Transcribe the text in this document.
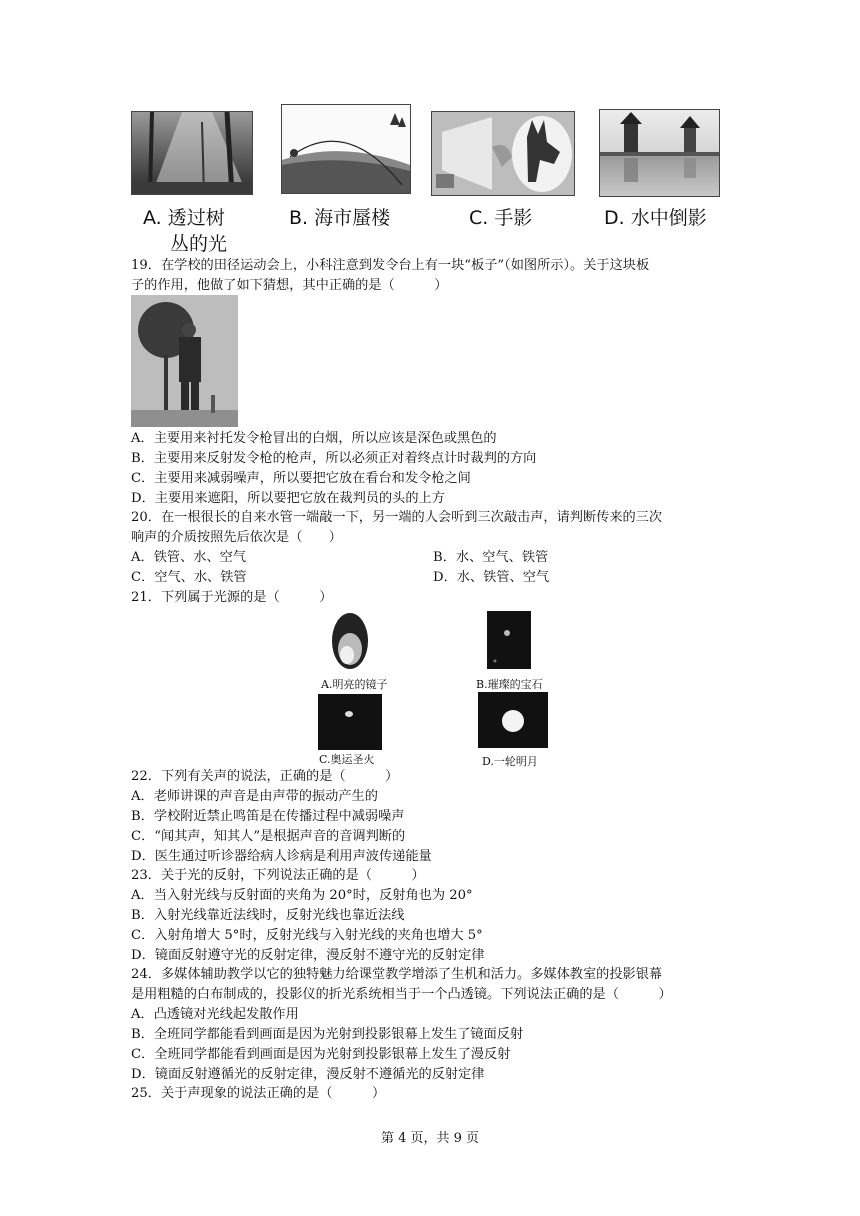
A. 透过树
丛的光
B. 海市蜃楼	C. 手影	D. 水中倒影
19．在学校的田径运动会上，小科注意到发令台上有一块“板子”（如图所示）。关于这块板
子的作用，他做了如下猜想，其中正确的是（　　　）
A．主要用来衬托发令枪冒出的白烟，所以应该是深色或黑色的
B．主要用来反射发令枪的枪声，所以必须正对着终点计时裁判的方向
C．主要用来减弱噪声，所以要把它放在看台和发令枪之间
D．主要用来遮阳，所以要把它放在裁判员的头的上方
20．在一根很长的自来水管一端敲一下，另一端的人会听到三次敲击声，请判断传来的三次
响声的介质按照先后依次是（　　）
A．铁管、水、空气	B．水、空气、铁管
C．空气、水、铁管	D．水、铁管、空气
21．下列属于光源的是（　　　）
A.明亮的镜子	B.璀璨的宝石
C.奥运圣火	D.一轮明月
22．下列有关声的说法，正确的是（　　　）
A．老师讲课的声音是由声带的振动产生的
B．学校附近禁止鸣笛是在传播过程中减弱噪声
C．“闻其声，知其人”是根据声音的音调判断的
D．医生通过听诊器给病人诊病是利用声波传递能量
23．关于光的反射，下列说法正确的是（　　　）
A．当入射光线与反射面的夹角为 20°时，反射角也为 20°
B．入射光线靠近法线时，反射光线也靠近法线
C．入射角增大 5°时，反射光线与入射光线的夹角也增大 5°
D．镜面反射遵守光的反射定律，漫反射不遵守光的反射定律
24．多媒体辅助教学以它的独特魅力给课堂教学增添了生机和活力。多媒体教室的投影银幕
是用粗糙的白布制成的，投影仪的折光系统相当于一个凸透镜。下列说法正确的是（　　　）
A．凸透镜对光线起发散作用
B．全班同学都能看到画面是因为光射到投影银幕上发生了镜面反射
C．全班同学都能看到画面是因为光射到投影银幕上发生了漫反射
D．镜面反射遵循光的反射定律，漫反射不遵循光的反射定律
25．关于声现象的说法正确的是（　　　）
第 4 页，共 9 页
